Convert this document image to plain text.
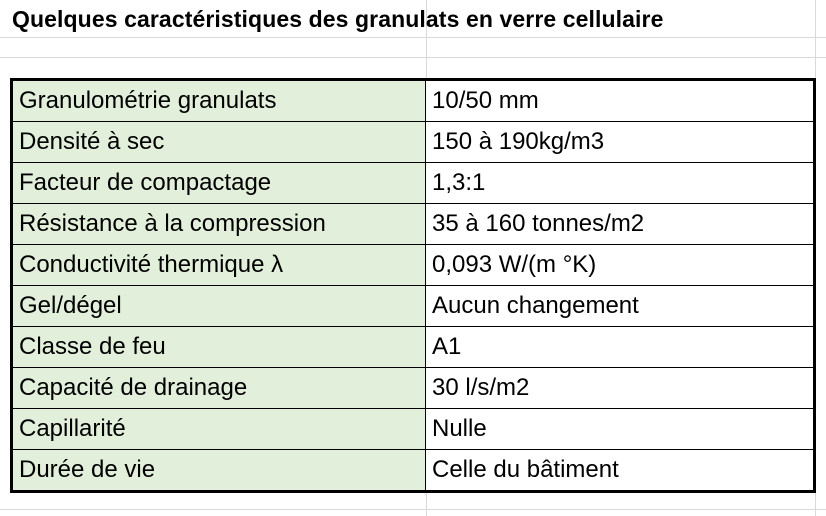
Quelques caractéristiques des granulats en verre cellulaire
Granulométrie granulats	10/50 mm
Densité à sec	150 à 190kg/m3
Facteur de compactage	1,3:1
Résistance à la compression	35 à 160 tonnes/m2
Conductivité thermique λ	0,093 W/(m °K)
Gel/dégel	Aucun changement
Classe de feu	A1
Capacité de drainage	30 l/s/m2
Capillarité	Nulle
Durée de vie	Celle du bâtiment
